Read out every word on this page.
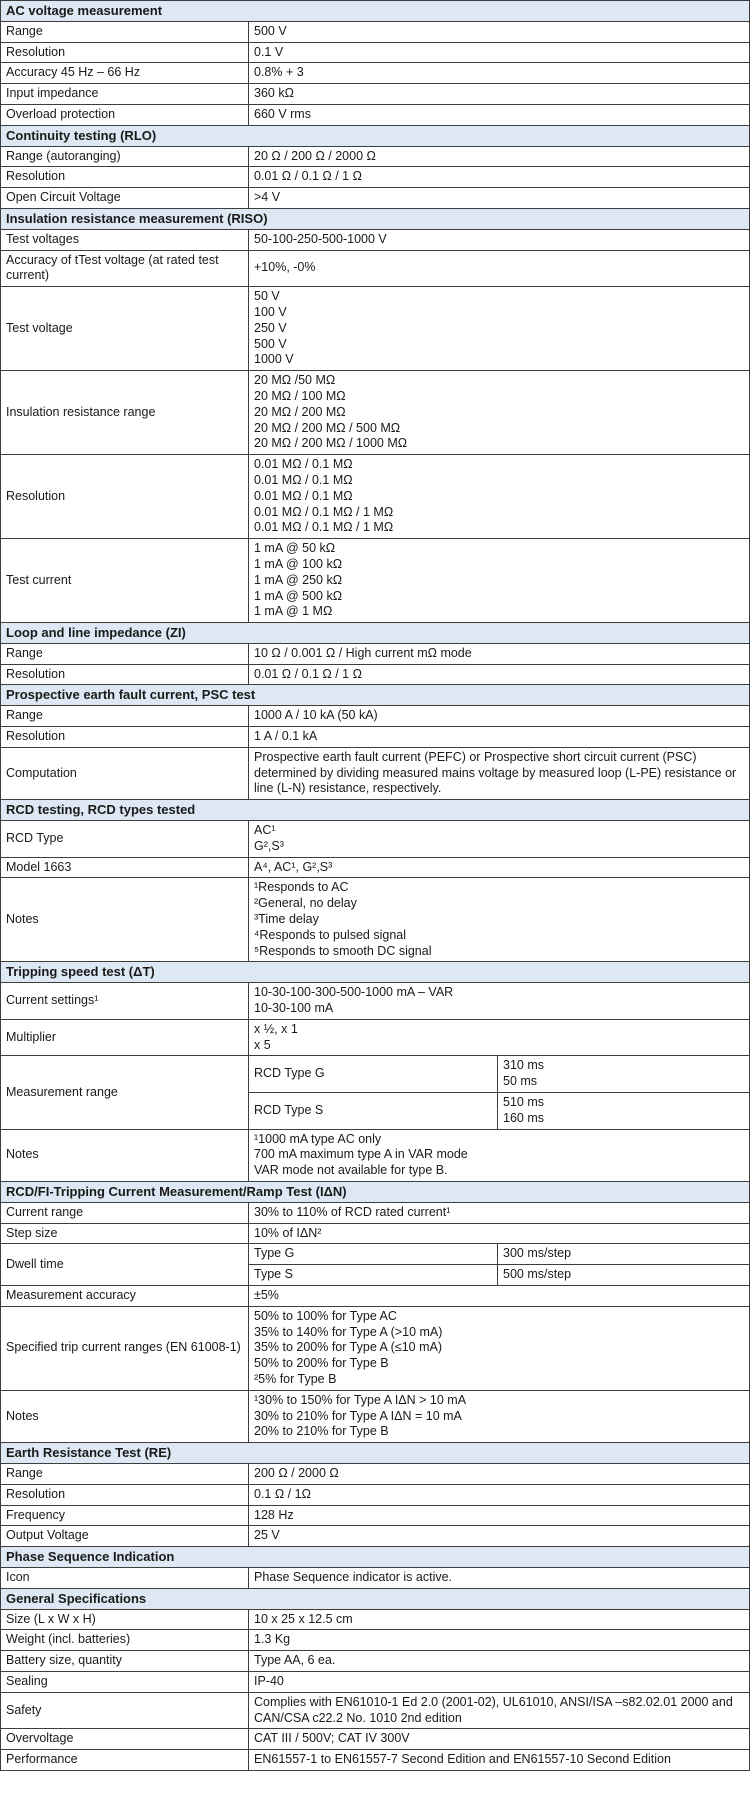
AC voltage measurement		
Range	500 V	
Resolution	0.1 V	
Accuracy 45 Hz – 66 Hz	0.8% + 3	
Input impedance	360 kΩ	
Overload protection	660 V rms	
Continuity testing (RLO)		
Range (autoranging)	20 Ω / 200 Ω / 2000 Ω	
Resolution	0.01 Ω / 0.1 Ω / 1 Ω	
Open Circuit Voltage	>4 V	
Insulation resistance measurement (RISO)		
Test voltages	50-100-250-500-1000 V	
Accuracy of tTest voltage (at rated test current)	+10%, -0%	
Test voltage	50 V
100 V
250 V
500 V
1000 V	
Insulation resistance range	20 MΩ /50 MΩ
20 MΩ / 100 MΩ
20 MΩ / 200 MΩ
20 MΩ / 200 MΩ / 500 MΩ
20 MΩ / 200 MΩ / 1000 MΩ	
Resolution	0.01 MΩ / 0.1 MΩ
0.01 MΩ / 0.1 MΩ
0.01 MΩ / 0.1 MΩ
0.01 MΩ / 0.1 MΩ / 1 MΩ
0.01 MΩ / 0.1 MΩ / 1 MΩ	
Test current	1 mA @ 50 kΩ
1 mA @ 100 kΩ
1 mA @ 250 kΩ
1 mA @ 500 kΩ
1 mA @ 1 MΩ	
Loop and line impedance (ZI)		
Range	10 Ω / 0.001 Ω / High current mΩ mode	
Resolution	0.01 Ω / 0.1 Ω / 1 Ω	
Prospective earth fault current, PSC test		
Range	1000 A / 10 kA (50 kA)	
Resolution	1 A / 0.1 kA	
Computation	Prospective earth fault current (PEFC) or Prospective short circuit current (PSC) determined by dividing measured mains voltage by measured loop (L-PE) resistance or line (L-N) resistance, respectively.	
RCD testing, RCD types tested		
RCD Type	AC¹
G²,S³	
Model 1663	A⁴, AC¹, G²,S³	
Notes	¹Responds to AC
²General, no delay
³Time delay
⁴Responds to pulsed signal
⁵Responds to smooth DC signal	
Tripping speed test (ΔT)		
Current settings¹	10-30-100-300-500-1000 mA – VAR
10-30-100 mA	
Multiplier	x ½, x 1
x 5	
Measurement range	RCD Type G	310 ms
50 ms
	RCD Type S	510 ms
160 ms
Notes	¹1000 mA type AC only
700 mA maximum type A in VAR mode
VAR mode not available for type B.	
RCD/FI-Tripping Current Measurement/Ramp Test (IΔN)		
Current range	30% to 110% of RCD rated current¹	
Step size	10% of IΔN²	
Dwell time	Type G	300 ms/step
	Type S	500 ms/step
Measurement accuracy	±5%	
Specified trip current ranges (EN 61008-1)	50% to 100% for Type AC
35% to 140% for Type A (>10 mA)
35% to 200% for Type A (≤10 mA)
50% to 200% for Type B
²5% for Type B	
Notes	¹30% to 150% for Type A IΔN > 10 mA
30% to 210% for Type A IΔN = 10 mA
20% to 210% for Type B	
Earth Resistance Test (RE)		
Range	200 Ω / 2000 Ω	
Resolution	0.1 Ω / 1Ω	
Frequency	128 Hz	
Output Voltage	25 V	
Phase Sequence Indication		
Icon	Phase Sequence indicator is active.	
General Specifications		
Size (L x W x H)	10 x 25 x 12.5 cm	
Weight (incl. batteries)	1.3 Kg	
Battery size, quantity	Type AA, 6 ea.	
Sealing	IP-40	
Safety	Complies with EN61010-1 Ed 2.0 (2001-02), UL61010, ANSI/ISA –s82.02.01 2000 and CAN/CSA c22.2 No. 1010 2nd edition	
Overvoltage	CAT III / 500V; CAT IV 300V	
Performance	EN61557-1 to EN61557-7 Second Edition and EN61557-10 Second Edition	
